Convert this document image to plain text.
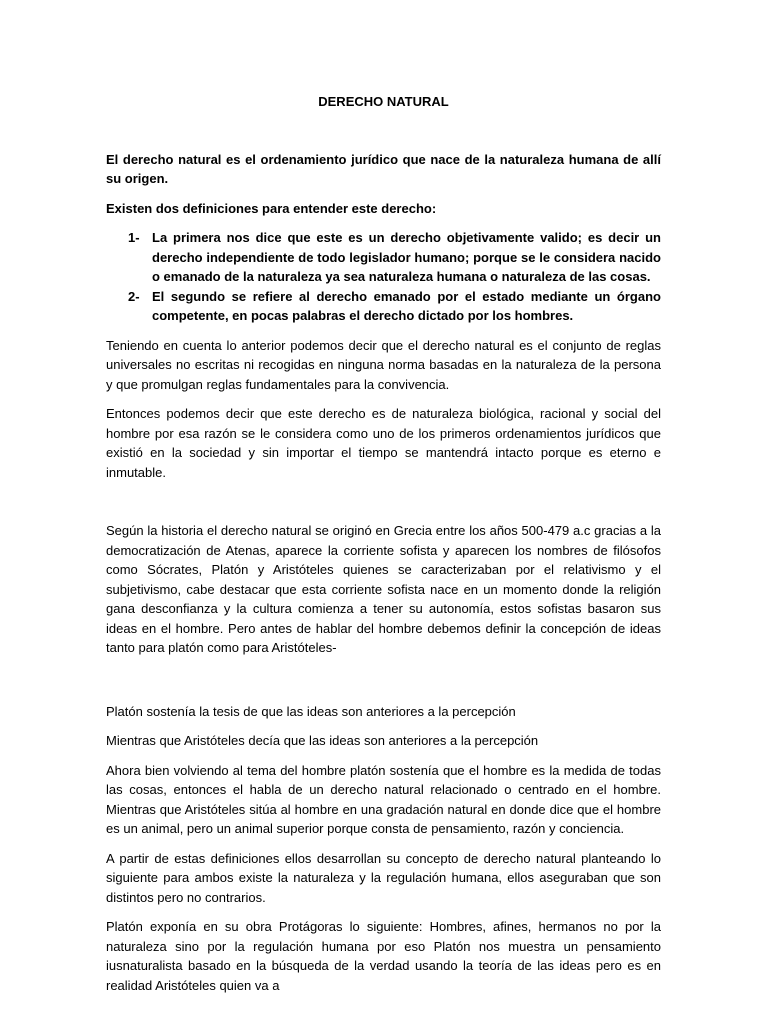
DERECHO NATURAL

El derecho natural es el ordenamiento jurídico que nace de la naturaleza humana de allí su origen.

Existen dos definiciones para entender este derecho:

1- La primera nos dice que este es un derecho objetivamente valido; es decir un derecho independiente de todo legislador humano; porque se le considera nacido o emanado de la naturaleza ya sea naturaleza humana o naturaleza de las cosas.
2- El segundo se refiere al derecho emanado por el estado mediante un órgano competente, en pocas palabras el derecho dictado por los hombres.

Teniendo en cuenta lo anterior podemos decir que el derecho natural es el conjunto de reglas universales no escritas ni recogidas en ninguna norma basadas en la naturaleza de la persona y que promulgan reglas fundamentales para la convivencia.

Entonces podemos decir que este derecho es de naturaleza biológica, racional y social del hombre por esa razón se le considera como uno de los primeros ordenamientos jurídicos que existió en la sociedad y sin importar el tiempo se mantendrá intacto porque es eterno e inmutable.

Según la historia el derecho natural se originó en Grecia entre los años 500-479 a.c gracias a la democratización de Atenas, aparece la corriente sofista y aparecen los nombres de filósofos como Sócrates, Platón y Aristóteles quienes se caracterizaban por el relativismo y el subjetivismo, cabe destacar que esta corriente sofista nace en un momento donde la religión gana desconfianza y la cultura comienza a tener su autonomía, estos sofistas basaron sus ideas en el hombre. Pero antes de hablar del hombre debemos definir la concepción de ideas tanto para platón como para Aristóteles-

Platón sostenía la tesis de que las ideas son anteriores a la percepción

Mientras que Aristóteles decía que las ideas son anteriores a la percepción

Ahora bien volviendo al tema del hombre platón sostenía que el hombre es la medida de todas las cosas, entonces el habla de un derecho natural relacionado o centrado en el hombre. Mientras que Aristóteles sitúa al hombre en una gradación natural en donde dice que el hombre es un animal, pero un animal superior porque consta de pensamiento, razón y conciencia.

A partir de estas definiciones ellos desarrollan su concepto de derecho natural planteando lo siguiente para ambos existe la naturaleza y la regulación humana, ellos aseguraban que son distintos pero no contrarios.

Platón exponía en su obra Protágoras lo siguiente: Hombres, afines, hermanos no por la naturaleza sino por la regulación humana por eso Platón nos muestra un pensamiento iusnaturalista basado en la búsqueda de la verdad usando la teoría de las ideas pero es en realidad Aristóteles quien va a
